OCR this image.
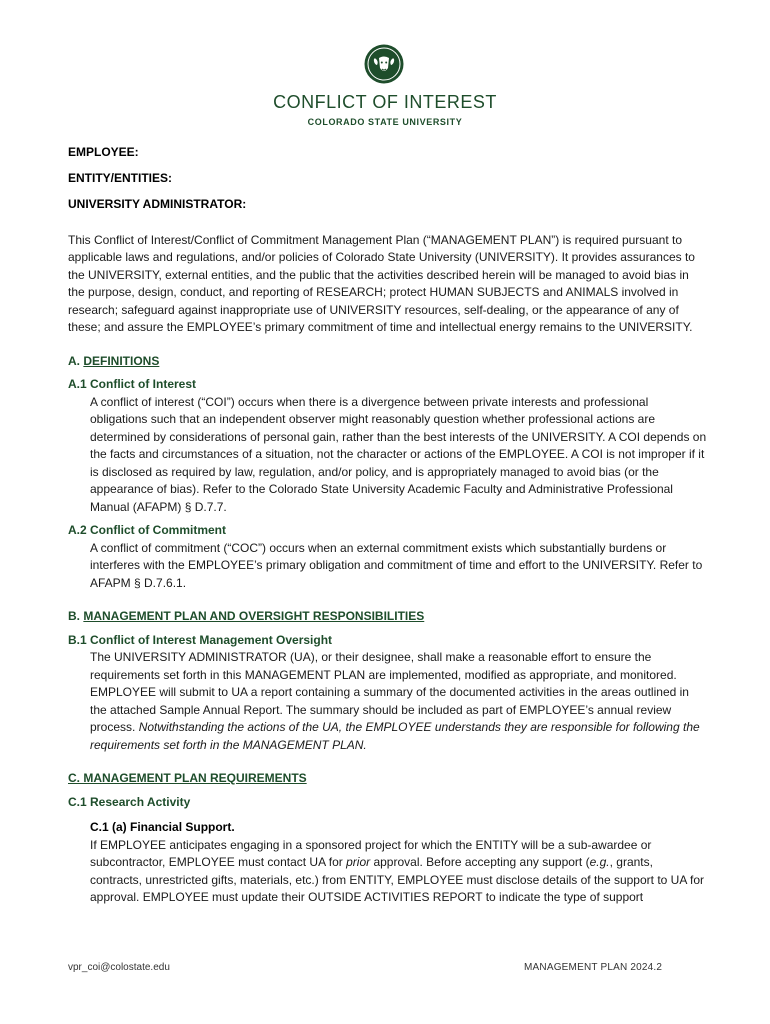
CONFLICT OF INTEREST
COLORADO STATE UNIVERSITY
EMPLOYEE:
ENTITY/ENTITIES:
UNIVERSITY ADMINISTRATOR:

This Conflict of Interest/Conflict of Commitment Management Plan (“MANAGEMENT PLAN”) is required pursuant to applicable laws and regulations, and/or policies of Colorado State University (UNIVERSITY). It provides assurances to the UNIVERSITY, external entities, and the public that the activities described herein will be managed to avoid bias in the purpose, design, conduct, and reporting of RESEARCH; protect HUMAN SUBJECTS and ANIMALS involved in research; safeguard against inappropriate use of UNIVERSITY resources, self-dealing, or the appearance of any of these; and assure the EMPLOYEE’s primary commitment of time and intellectual energy remains to the UNIVERSITY.

A. DEFINITIONS
A.1 Conflict of Interest

A conflict of interest (“COI”) occurs when there is a divergence between private interests and professional obligations such that an independent observer might reasonably question whether professional actions are determined by considerations of personal gain, rather than the best interests of the UNIVERSITY. A COI depends on the facts and circumstances of a situation, not the character or actions of the EMPLOYEE. A COI is not improper if it is disclosed as required by law, regulation, and/or policy, and is appropriately managed to avoid bias (or the appearance of bias). Refer to the Colorado State University Academic Faculty and Administrative Professional Manual (AFAPM) § D.7.7.

A.2 Conflict of Commitment

A conflict of commitment (“COC”) occurs when an external commitment exists which substantially burdens or interferes with the EMPLOYEE’s primary obligation and commitment of time and effort to the UNIVERSITY. Refer to AFAPM § D.7.6.1.

B. MANAGEMENT PLAN AND OVERSIGHT RESPONSIBILITIES
B.1 Conflict of Interest Management Oversight

The UNIVERSITY ADMINISTRATOR (UA), or their designee, shall make a reasonable effort to ensure the requirements set forth in this MANAGEMENT PLAN are implemented, modified as appropriate, and monitored. EMPLOYEE will submit to UA a report containing a summary of the documented activities in the areas outlined in the attached Sample Annual Report. The summary should be included as part of EMPLOYEE’s annual review process. Notwithstanding the actions of the UA, the EMPLOYEE understands they are responsible for following the requirements set forth in the MANAGEMENT PLAN.

C. MANAGEMENT PLAN REQUIREMENTS
C.1 Research Activity
C.1 (a) Financial Support.

If EMPLOYEE anticipates engaging in a sponsored project for which the ENTITY will be a sub-awardee or subcontractor, EMPLOYEE must contact UA for prior approval. Before accepting any support (e.g., grants, contracts, unrestricted gifts, materials, etc.) from ENTITY, EMPLOYEE must disclose details of the support to UA for approval. EMPLOYEE must update their OUTSIDE ACTIVITIES REPORT to indicate the type of support

vpr_coi@colostate.edu	MANAGEMENT PLAN 2024.2
